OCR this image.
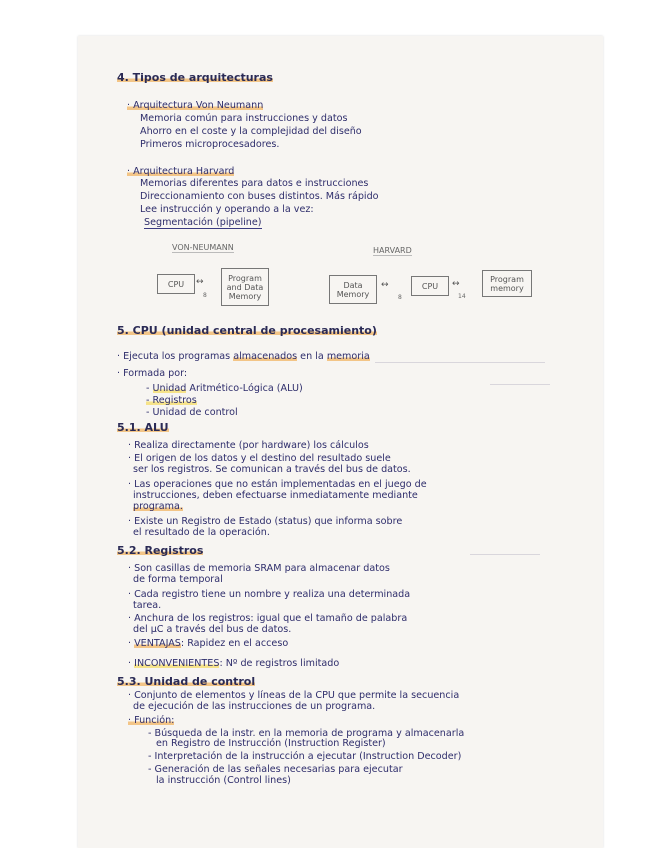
4. Tipos de arquitecturas
· Arquitectura Von Neumann
Memoria común para instrucciones y datos
Ahorro en el coste y la complejidad del diseño
Primeros microprocesadores.
· Arquitectura Harvard
Memorias diferentes para datos e instrucciones
Direccionamiento con buses distintos. Más rápido
Lee instrucción y operando a la vez:
Segmentación (pipeline)
VON-NEUMANN	HARVARD
CPU ↔
8
Program
and Data
Memory
Data
Memory
↔
8
CPU ↔
14
Program
memory
5. CPU (unidad central de procesamiento)
· Ejecuta los programas almacenados en la memoria
· Formada por:
- Unidad Aritmético-Lógica (ALU)
- Registros
- Unidad de control
5.1. ALU
· Realiza directamente (por hardware) los cálculos
· El origen de los datos y el destino del resultado suele
ser los registros. Se comunican a través del bus de datos.
· Las operaciones que no están implementadas en el juego de
instrucciones, deben efectuarse inmediatamente mediante
programa.
· Existe un Registro de Estado (status) que informa sobre
el resultado de la operación.
5.2. Registros
· Son casillas de memoria SRAM para almacenar datos
de forma temporal
· Cada registro tiene un nombre y realiza una determinada
tarea.
· Anchura de los registros: igual que el tamaño de palabra
del µC a través del bus de datos.
· VENTAJAS: Rapidez en el acceso
· INCONVENIENTES: Nº de registros limitado
5.3. Unidad de control
· Conjunto de elementos y líneas de la CPU que permite la secuencia
de ejecución de las instrucciones de un programa.
· Función:
- Búsqueda de la instr. en la memoria de programa y almacenarla
en Registro de Instrucción (Instruction Register)
- Interpretación de la instrucción a ejecutar (Instruction Decoder)
- Generación de las señales necesarias para ejecutar
la instrucción (Control lines)
